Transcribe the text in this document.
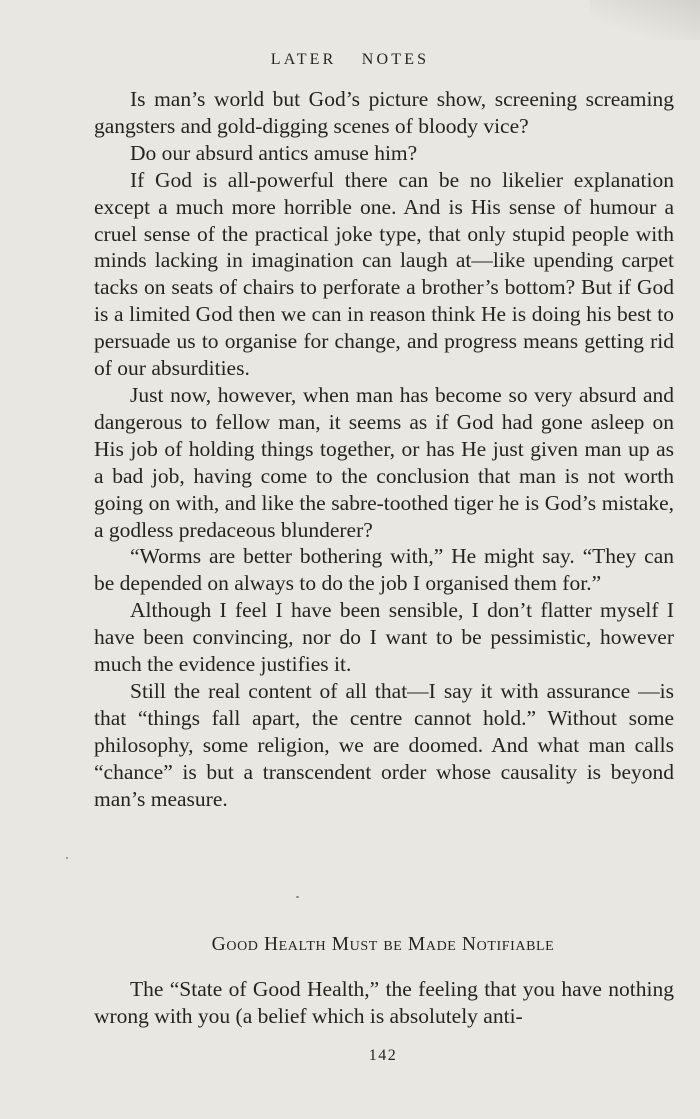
LATER NOTES

Is man’s world but God’s picture show, screening screaming gangsters and gold-digging scenes of bloody vice?

Do our absurd antics amuse him?

If God is all-powerful there can be no likelier explanation except a much more horrible one. And is His sense of humour a cruel sense of the practical joke type, that only stupid people with minds lacking in imagination can laugh at—like upending carpet tacks on seats of chairs to perforate a brother’s bottom? But if God is a limited God then we can in reason think He is doing his best to persuade us to organise for change, and progress means getting rid of our absurdities.

Just now, however, when man has become so very absurd and dangerous to fellow man, it seems as if God had gone asleep on His job of holding things together, or has He just given man up as a bad job, having come to the conclusion that man is not worth going on with, and like the sabre-toothed tiger he is God’s mistake, a godless predaceous blunderer?

“Worms are better bothering with,” He might say. “They can be depended on always to do the job I organised them for.”

Although I feel I have been sensible, I don’t flatter myself I have been convincing, nor do I want to be pessimistic, however much the evidence justifies it.

Still the real content of all that—I say it with assurance —is that “things fall apart, the centre cannot hold.” Without some philosophy, some religion, we are doomed. And what man calls “chance” is but a transcendent order whose causality is beyond man’s measure.

Good Health Must be Made Notifiable

The “State of Good Health,” the feeling that you have nothing wrong with you (a belief which is absolutely anti-

142
